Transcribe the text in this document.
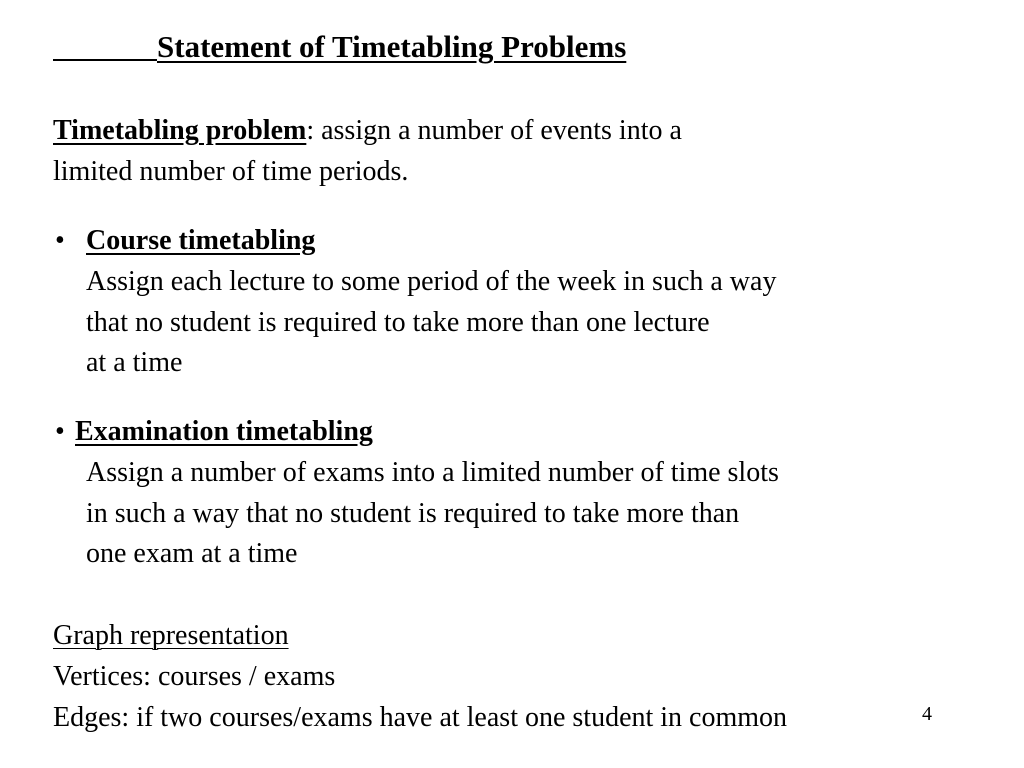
Statement of Timetabling Problems
Timetabling problem: assign a number of events into a
limited number of time periods.
• Course timetabling
Assign each lecture to some period of the week in such a way
that no student is required to take more than one lecture
at a time
• Examination timetabling
Assign a number of exams into a limited number of time slots
in such a way that no student is required to take more than
one exam at a time
Graph representation
Vertices: courses / exams
Edges: if two courses/exams have at least one student in common	4
